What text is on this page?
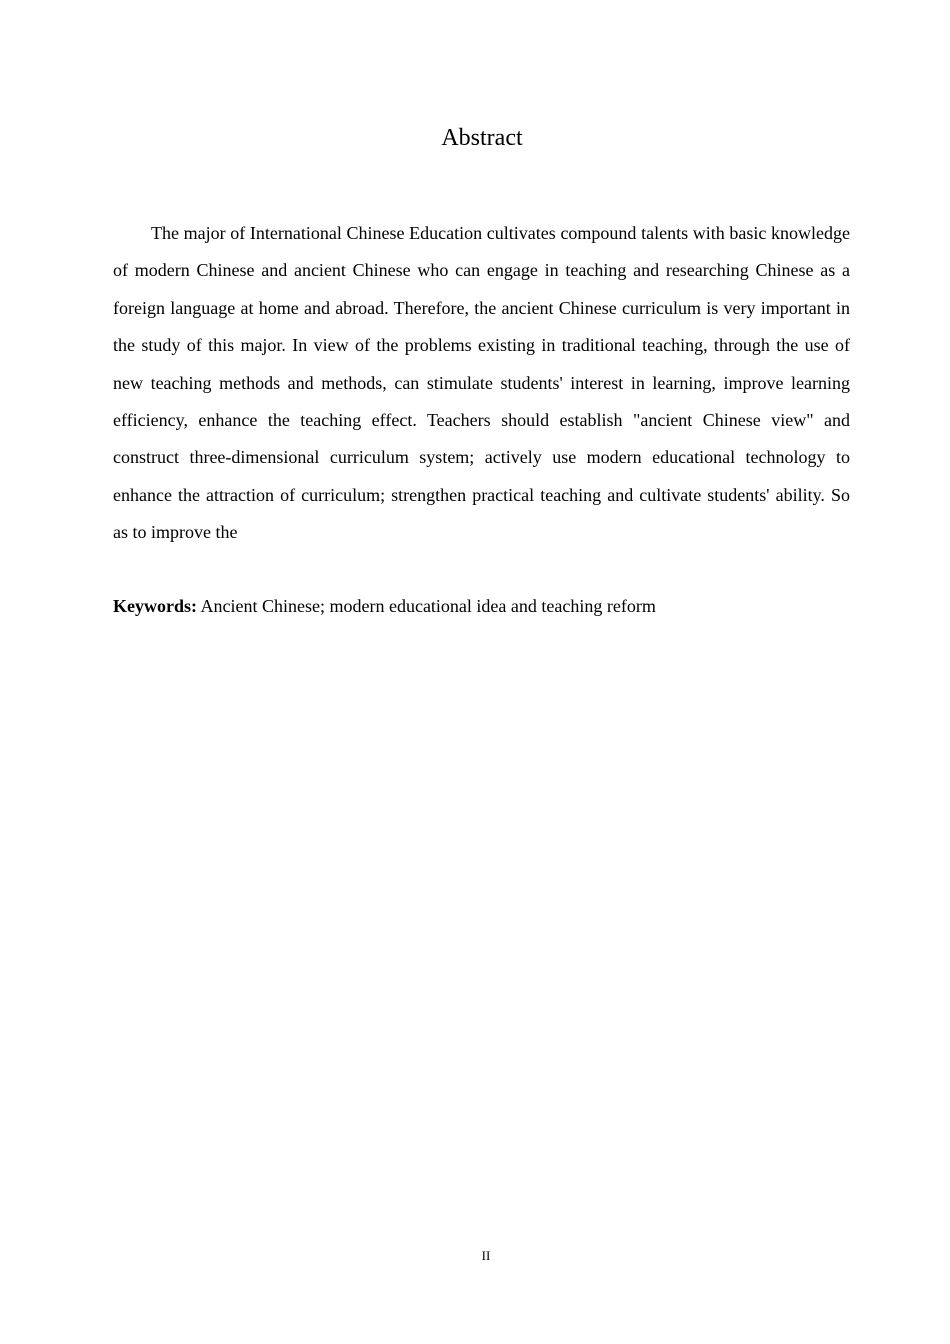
Abstract

The major of International Chinese Education cultivates compound talents with basic knowledge of modern Chinese and ancient Chinese who can engage in teaching and researching Chinese as a foreign language at home and abroad. Therefore, the ancient Chinese curriculum is very important in the study of this major. In view of the problems existing in traditional teaching, through the use of new teaching methods and methods, can stimulate students' interest in learning, improve learning efficiency, enhance the teaching effect. Teachers should establish "ancient Chinese view" and construct three-dimensional curriculum system; actively use modern educational technology to enhance the attraction of curriculum; strengthen practical teaching and cultivate students' ability. So as to improve the

Keywords: Ancient Chinese; modern educational idea and teaching reform

II
